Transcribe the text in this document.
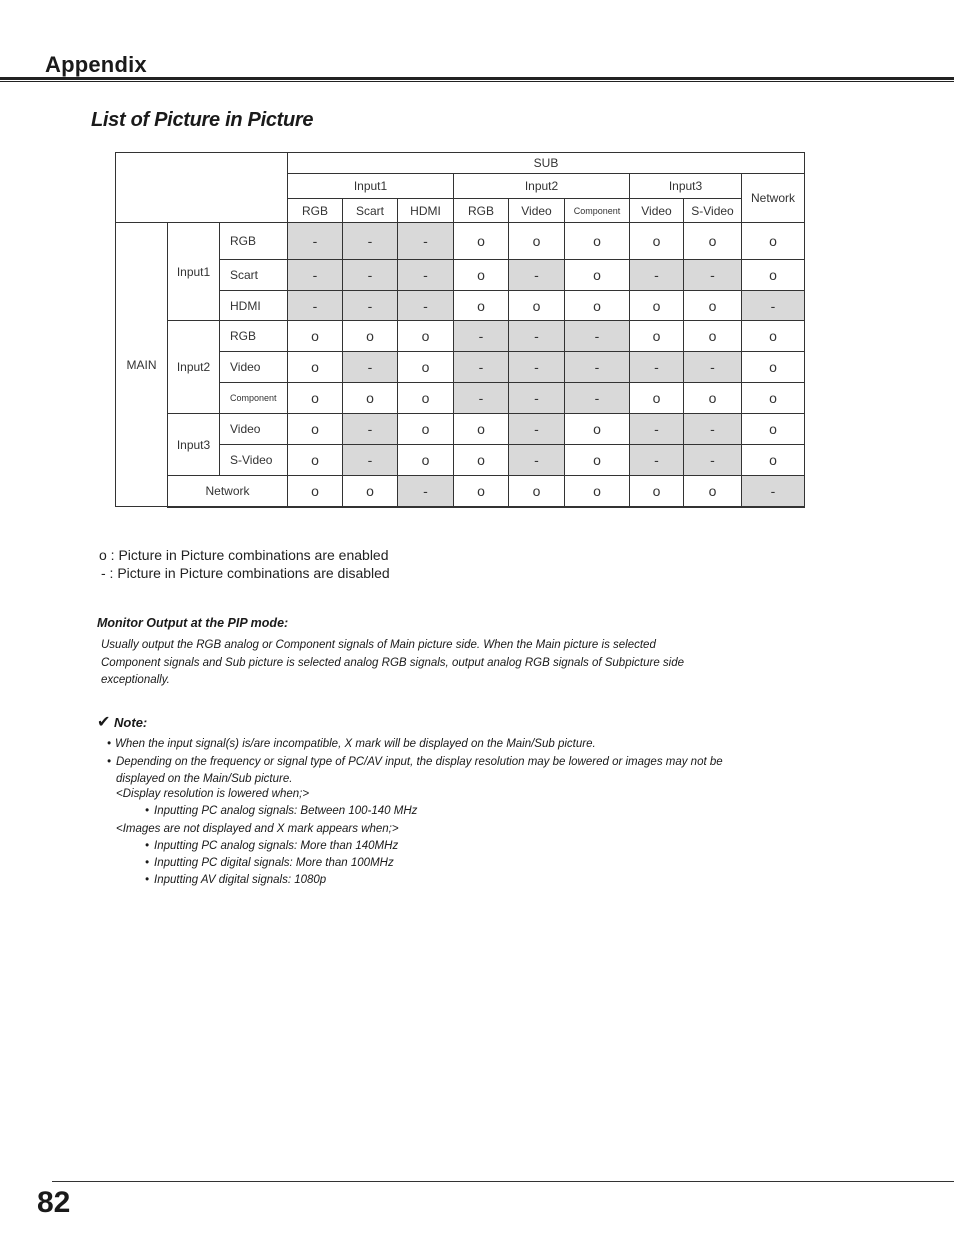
Appendix
List of Picture in Picture
			SUB								
			Input1			Input2			Input3		Network
			RGB	Scart	HDMI	RGB	Video	Component	Video	S-Video	
MAIN	Input1	RGB	-	-	-	o	o	o	o	o	o
		Scart	-	-	-	o	-	o	-	-	o
		HDMI	-	-	-	o	o	o	o	o	-
	Input2	RGB	o	o	o	-	-	-	o	o	o
		Video	o	-	o	-	-	-	-	-	o
		Component	o	o	o	-	-	-	o	o	o
	Input3	Video	o	-	o	o	-	o	-	-	o
		S-Video	o	-	o	o	-	o	-	-	o
	Network		o	o	-	o	o	o	o	o	-
o : Picture in Picture combinations are enabled
- : Picture in Picture combinations are disabled
Monitor Output at the PIP mode:
Usually output the RGB analog or Component signals of Main picture side. When the Main picture is selected
Component signals and Sub picture is selected analog RGB signals, output analog RGB signals of Subpicture side
exceptionally.
✔ Note:
• When the input signal(s) is/are incompatible, X mark will be displayed on the Main/Sub picture.
• Depending on the frequency or signal type of PC/AV input, the display resolution may be lowered or images may not be
displayed on the Main/Sub picture.
<Display resolution is lowered when;>
• Inputting PC analog signals: Between 100-140 MHz
<Images are not displayed and X mark appears when;>
• Inputting PC analog signals: More than 140MHz
• Inputting PC digital signals: More than 100MHz
• Inputting AV digital signals: 1080p
82
